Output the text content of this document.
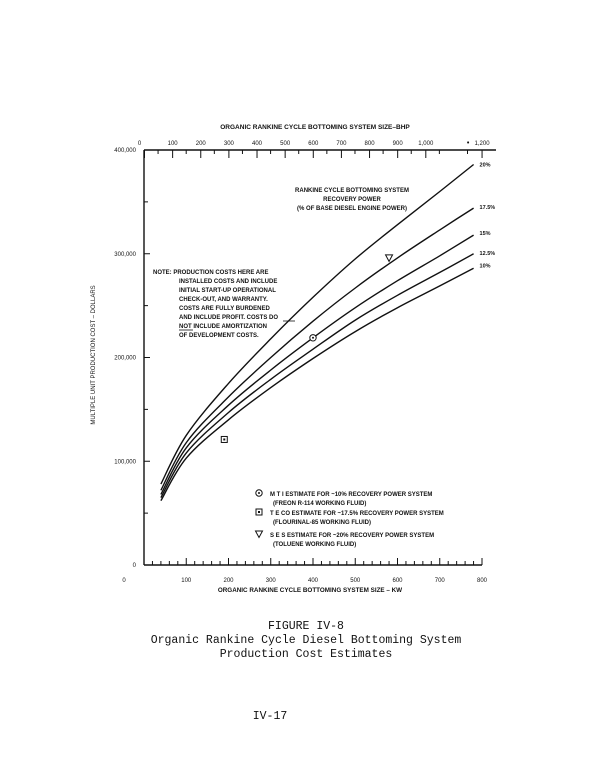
ORGANIC RANKINE CYCLE BOTTOMING SYSTEM SIZE–BHP
0	100	200	300	400	500	600	700	800	900	1,000	1,200
•
0
100,000
200,000
300,000
400,000
0	100	200	300	400	500	600	700	800
MULTIPLE UNIT PRODUCTION COST – DOLLARS
ORGANIC RANKINE CYCLE BOTTOMING SYSTEM SIZE – KW
20%
17.5%
15%
12.5%
10%
RANKINE CYCLE BOTTOMING SYSTEM
RECOVERY POWER
(% OF BASE DIESEL ENGINE POWER)
NOTE: PRODUCTION COSTS HERE ARE
INSTALLED COSTS AND INCLUDE
INITIAL START-UP OPERATIONAL
CHECK-OUT, AND WARRANTY.
COSTS ARE FULLY BURDENED
AND INCLUDE PROFIT. COSTS DO
NOT INCLUDE AMORTIZATION
OF DEVELOPMENT COSTS.
M T I ESTIMATE FOR ~10% RECOVERY POWER SYSTEM
(FREON R-114 WORKING FLUID)
T E CO ESTIMATE FOR ~17.5% RECOVERY POWER SYSTEM
(FLOURINAL-85 WORKING FLUID)
S E S ESTIMATE FOR ~20% RECOVERY POWER SYSTEM
(TOLUENE WORKING FLUID)
FIGURE IV-8
Organic Rankine Cycle Diesel Bottoming System
Production Cost Estimates
IV-17
